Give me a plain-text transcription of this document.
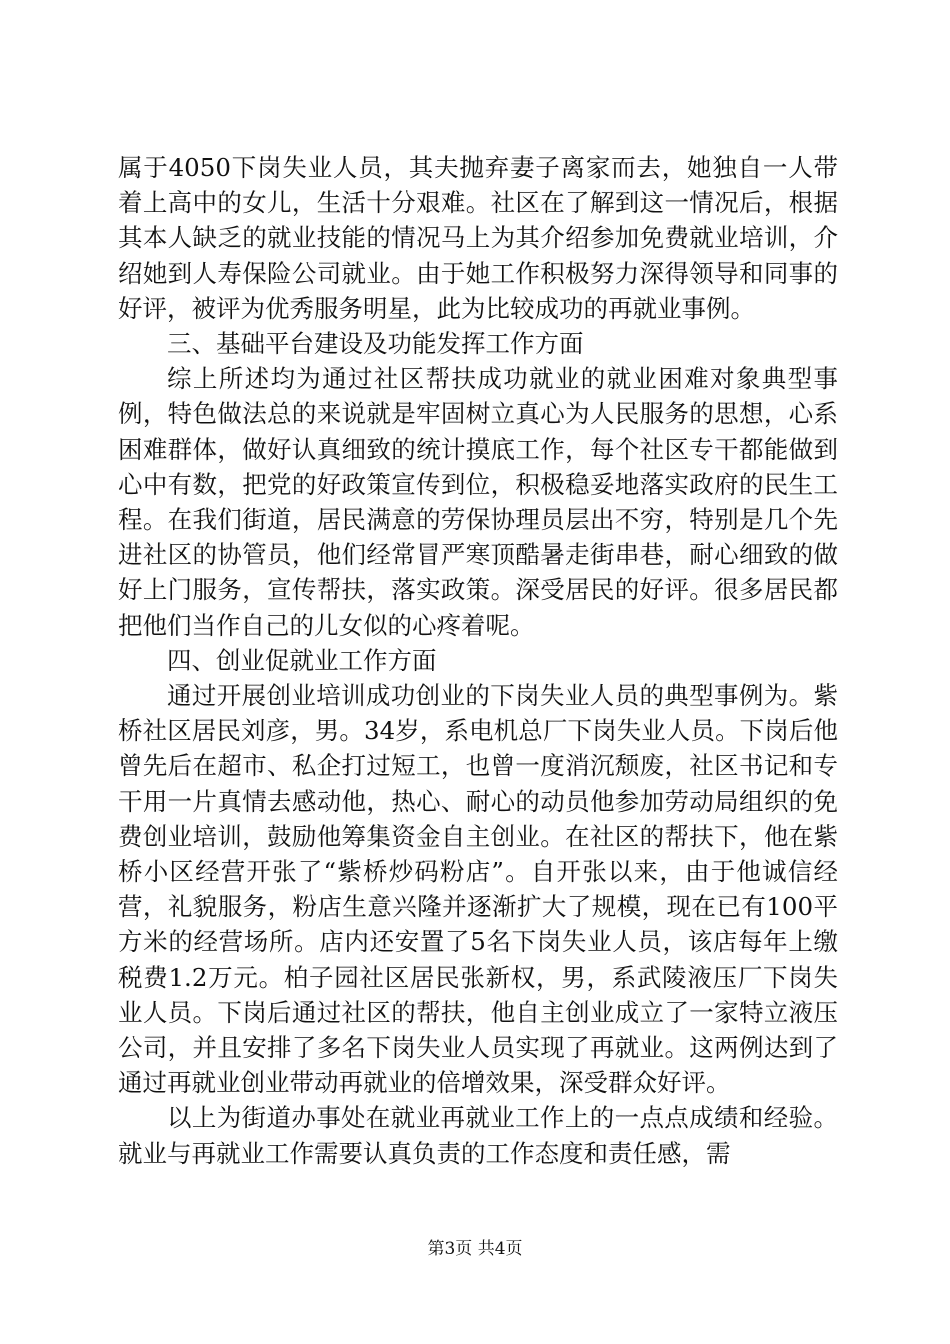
属于4050下岗失业人员，其夫抛弃妻子离家而去，她独自一人带着上高中的女儿，生活十分艰难。社区在了解到这一情况后，根据其本人缺乏的就业技能的情况马上为其介绍参加免费就业培训，介绍她到人寿保险公司就业。由于她工作积极努力深得领导和同事的好评，被评为优秀服务明星，此为比较成功的再就业事例。

三、基础平台建设及功能发挥工作方面

综上所述均为通过社区帮扶成功就业的就业困难对象典型事例，特色做法总的来说就是牢固树立真心为人民服务的思想，心系困难群体，做好认真细致的统计摸底工作，每个社区专干都能做到心中有数，把党的好政策宣传到位，积极稳妥地落实政府的民生工程。在我们街道，居民满意的劳保协理员层出不穷，特别是几个先进社区的协管员，他们经常冒严寒顶酷暑走街串巷，耐心细致的做好上门服务，宣传帮扶，落实政策。深受居民的好评。很多居民都把他们当作自己的儿女似的心疼着呢。

四、创业促就业工作方面

通过开展创业培训成功创业的下岗失业人员的典型事例为。紫桥社区居民刘彦，男。34岁，系电机总厂下岗失业人员。下岗后他曾先后在超市、私企打过短工，也曾一度消沉颓废，社区书记和专干用一片真情去感动他，热心、耐心的动员他参加劳动局组织的免费创业培训，鼓励他筹集资金自主创业。在社区的帮扶下，他在紫桥小区经营开张了“紫桥炒码粉店”。自开张以来，由于他诚信经营，礼貌服务，粉店生意兴隆并逐渐扩大了规模，现在已有100平方米的经营场所。店内还安置了5名下岗失业人员，该店每年上缴税费1.2万元。柏子园社区居民张新权，男，系武陵液压厂下岗失业人员。下岗后通过社区的帮扶，他自主创业成立了一家特立液压公司，并且安排了多名下岗失业人员实现了再就业。这两例达到了通过再就业创业带动再就业的倍增效果，深受群众好评。

以上为街道办事处在就业再就业工作上的一点点成绩和经验。就业与再就业工作需要认真负责的工作态度和责任感，需

第3页 共4页
